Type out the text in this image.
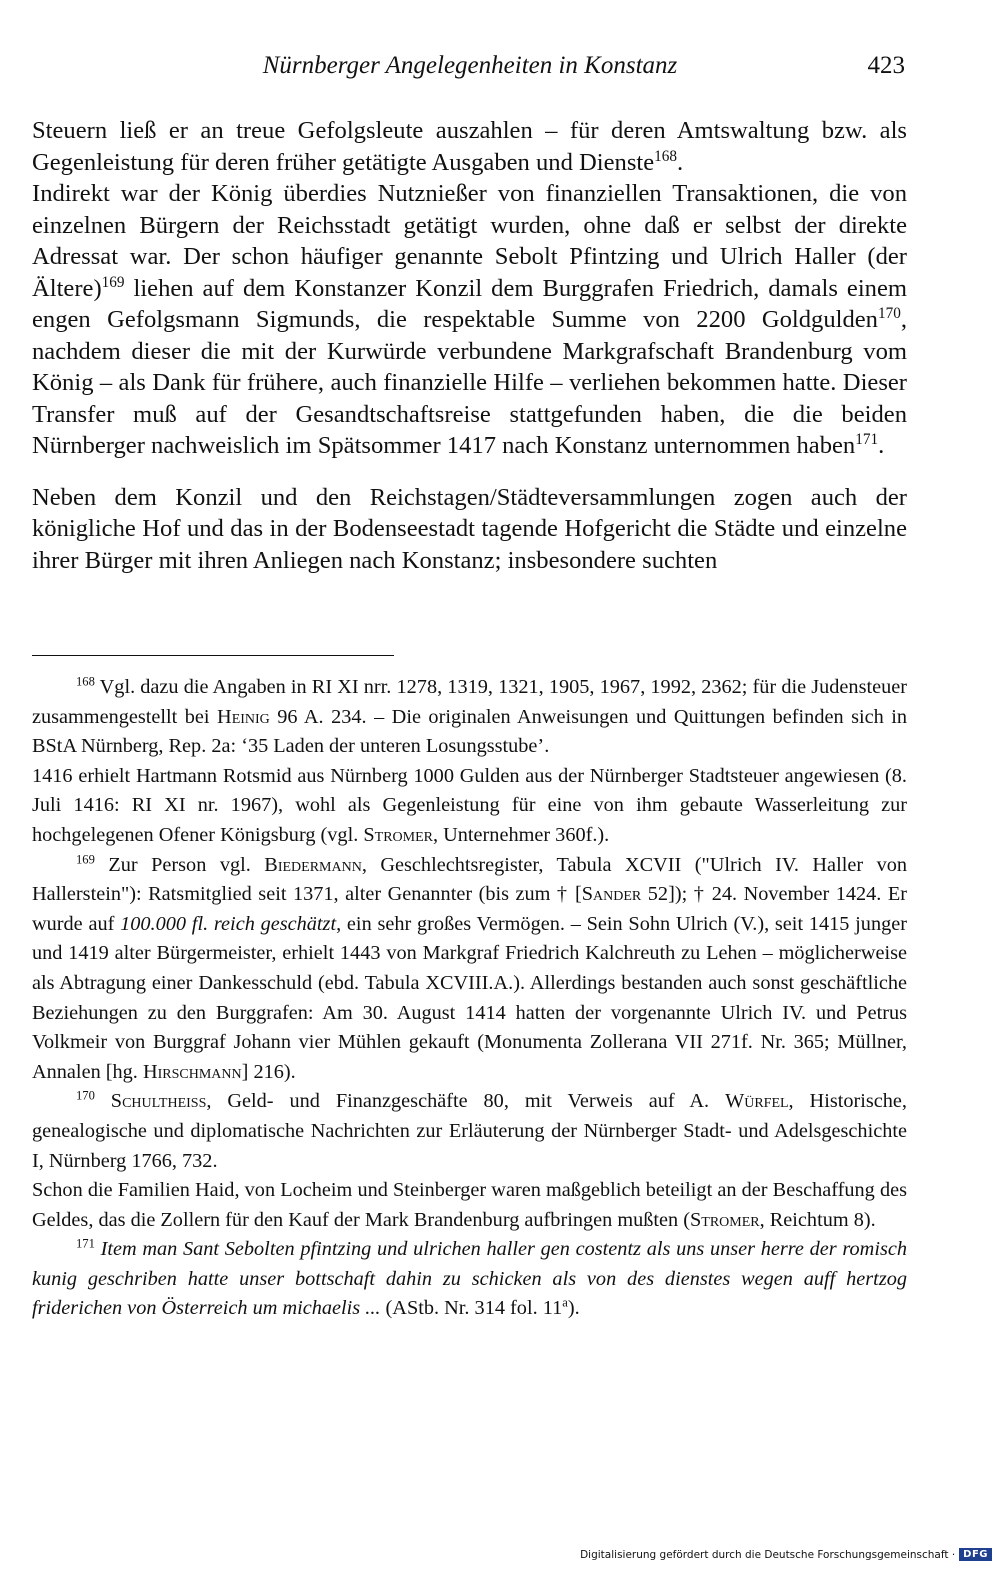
Nürnberger Angelegenheiten in Konstanz	423

Steuern ließ er an treue Gefolgsleute auszahlen – für deren Amtswaltung bzw. als Gegenleistung für deren früher getätigte Ausgaben und Dienste$^{168}$.

Indirekt war der König überdies Nutznießer von finanziellen Transaktionen, die von einzelnen Bürgern der Reichsstadt getätigt wurden, ohne daß er selbst der direkte Adressat war. Der schon häufiger genannte Sebolt Pfintzing und Ulrich Haller (der Ältere)$^{169}$ liehen auf dem Konstanzer Konzil dem Burggrafen Friedrich, damals einem engen Gefolgsmann Sigmunds, die respektable Summe von 2200 Goldgulden$^{170}$, nachdem dieser die mit der Kurwürde verbundene Markgrafschaft Brandenburg vom König – als Dank für frühere, auch finanzielle Hilfe – verliehen bekommen hatte. Dieser Transfer muß auf der Gesandtschaftsreise stattgefunden haben, die die beiden Nürnberger nachweislich im Spätsommer 1417 nach Konstanz unternommen haben$^{171}$.

Neben dem Konzil und den Reichstagen/Städteversammlungen zogen auch der königliche Hof und das in der Bodenseestadt tagende Hofgericht die Städte und einzelne ihrer Bürger mit ihren Anliegen nach Konstanz; insbesondere suchten

$^{168}$ Vgl. dazu die Angaben in RI XI nrr. 1278, 1319, 1321, 1905, 1967, 1992, 2362; für die Judensteuer zusammengestellt bei Heinig 96 A. 234. – Die originalen Anweisungen und Quittungen befinden sich in BStA Nürnberg, Rep. 2a: ‘35 Laden der unteren Losungsstube’.

1416 erhielt Hartmann Rotsmid aus Nürnberg 1000 Gulden aus der Nürnberger Stadtsteuer angewiesen (8. Juli 1416: RI XI nr. 1967), wohl als Gegenleistung für eine von ihm gebaute Wasserleitung zur hochgelegenen Ofener Königsburg (vgl. Stromer, Unternehmer 360f.).

$^{169}$ Zur Person vgl. Biedermann, Geschlechtsregister, Tabula XCVII ("Ulrich IV. Haller von Hallerstein"): Ratsmitglied seit 1371, alter Genannter (bis zum † [Sander 52]); † 24. November 1424. Er wurde auf 100.000 fl. reich geschätzt, ein sehr großes Vermögen. – Sein Sohn Ulrich (V.), seit 1415 junger und 1419 alter Bürgermeister, erhielt 1443 von Markgraf Friedrich Kalchreuth zu Lehen – möglicherweise als Abtragung einer Dankesschuld (ebd. Tabula XCVIII.A.). Allerdings bestanden auch sonst geschäftliche Beziehungen zu den Burggrafen: Am 30. August 1414 hatten der vorgenannte Ulrich IV. und Petrus Volkmeir von Burggraf Johann vier Mühlen gekauft (Monumenta Zollerana VII 271f. Nr. 365; Müllner, Annalen [hg. Hirschmann] 216).

$^{170}$ Schultheiß, Geld- und Finanzgeschäfte 80, mit Verweis auf A. Würfel, Historische, genealogische und diplomatische Nachrichten zur Erläuterung der Nürnberger Stadt- und Adelsgeschichte I, Nürnberg 1766, 732.

Schon die Familien Haid, von Locheim und Steinberger waren maßgeblich beteiligt an der Beschaffung des Geldes, das die Zollern für den Kauf der Mark Brandenburg aufbringen mußten (Stromer, Reichtum 8).

$^{171}$ Item man Sant Sebolten pfintzing und ulrichen haller gen costentz als uns unser herre der romisch kunig geschriben hatte unser bottschaft dahin zu schicken als von des dienstes wegen auff hertzog friderichen von Österreich um michaelis ... (AStb. Nr. 314 fol. 11$^a$).

Digitalisierung gefördert durch die Deutsche Forschungsgemeinschaft · DFG
